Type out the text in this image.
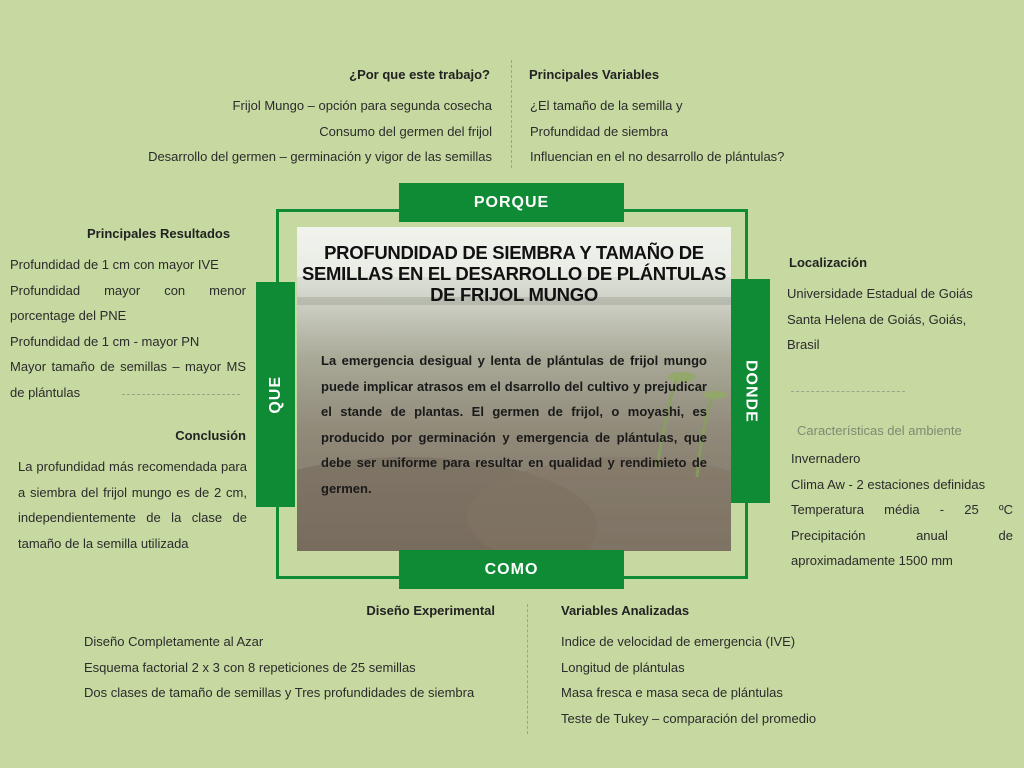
¿Por que este trabajo?
Frijol Mungo – opción para segunda cosecha
Consumo del germen del frijol
Desarrollo del germen – germinación y vigor de las semillas
Principales Variables
¿El tamaño de la semilla y
Profundidad de siembra
Influencian en el no desarrollo de plántulas?
Principales Resultados
Profundidad de 1 cm con mayor IVE
Profundidad mayor con menor porcentage del PNE
Profundidad de 1 cm - mayor PN
Mayor tamaño de semillas – mayor MS de plántulas
Conclusión
La profundidad más recomendada para a siembra del frijol mungo es de 2 cm, independientemente de la clase de tamaño de la semilla utilizada
Localización
Universidade Estadual de Goiás Santa Helena de Goiás, Goiás, Brasil
Características del ambiente
Invernadero
Clima Aw - 2 estaciones definidas
Temperatura média - 25 ºC
Precipitación anual de aproximadamente 1500 mm
Diseño Experimental
Diseño Completamente al Azar
Esquema factorial 2 x 3 con 8 repeticiones de 25 semillas
Dos clases de tamaño de semillas y Tres profundidades de siembra
Variables Analizadas
Indice de velocidad de emergencia (IVE)
Longitud de plántulas
Masa fresca e masa seca de plántulas
Teste de Tukey – comparación del promedio
PROFUNDIDAD DE SIEMBRA Y TAMAÑO DE SEMILLAS EN EL DESARROLLO DE PLÁNTULAS DE FRIJOL MUNGO
La emergencia desigual y lenta de plántulas de frijol mungo puede implicar atrasos em el dsarrollo del cultivo y prejudicar el stande de plantas. El germen de frijol, o moyashi, es producido por germinación y emergencia de plántulas, que debe ser uniforme para resultar en qualidad y rendimieto de germen.
PORQUE
COMO
QUE	DONDE
